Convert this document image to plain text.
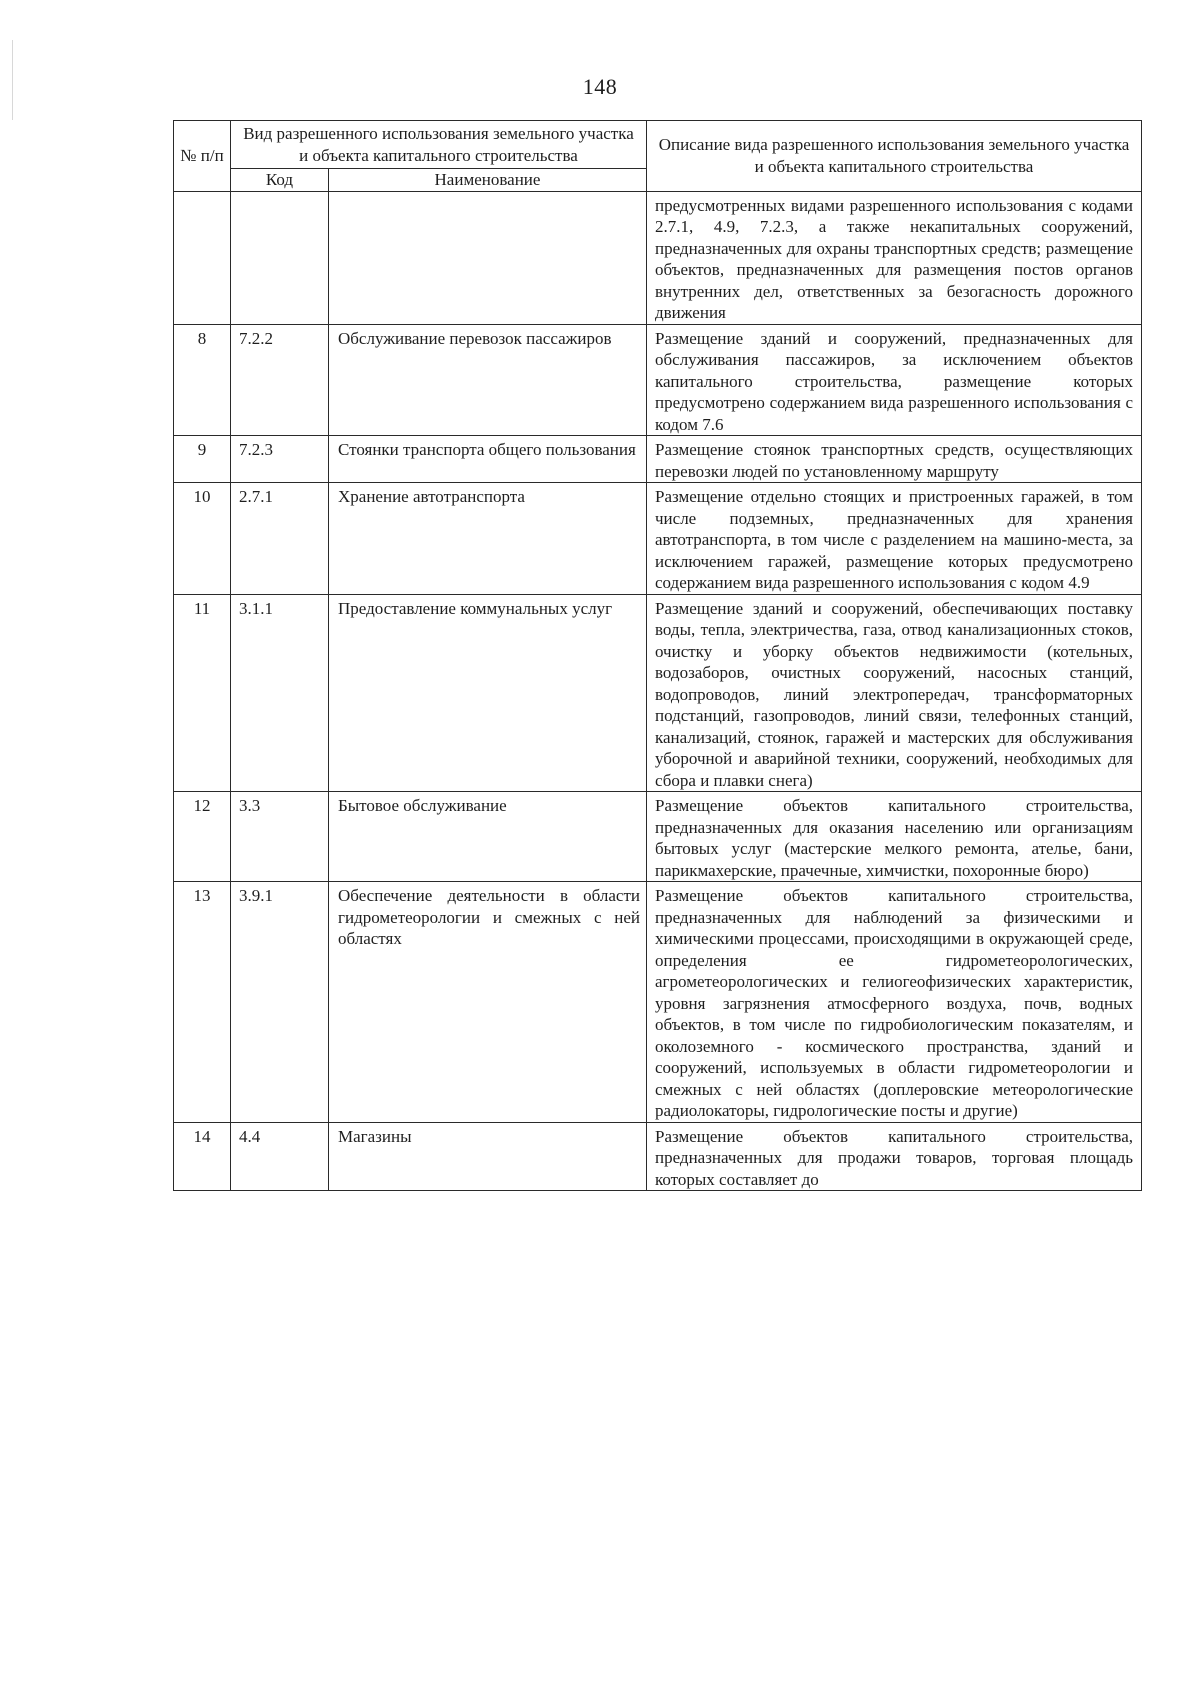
148
№ п/п	Вид разрешенного использования земельного участка и объекта капитального строительства		Описание вида разрешенного использования земельного участка и объекта капитального строительства
	Код	Наименование	
			предусмотренных видами разрешенного использования с кодами 2.7.1, 4.9, 7.2.3, а также некапитальных сооружений, предназначенных для охраны транспортных средств; размещение объектов, предназначенных для размещения постов органов внутренних дел, ответственных за безогасность дорожного движения
8	7.2.2	Обслуживание перевозок пассажиров	Размещение зданий и сооружений, предназначенных для обслуживания пассажиров, за исключением объектов капитального строительства, размещение которых предусмотрено содержанием вида разрешенного использования с кодом 7.6
9	7.2.3	Стоянки транспорта общего пользования	Размещение стоянок транспортных средств, осуществляющих перевозки людей по установленному маршруту
10	2.7.1	Хранение автотранспорта	Размещение отдельно стоящих и пристроенных гаражей, в том числе подземных, предназначенных для хранения автотранспорта, в том числе с разделением на машино-места, за исключением гаражей, размещение которых предусмотрено содержанием вида разрешенного использования с кодом 4.9
11	3.1.1	Предоставление коммунальных услуг	Размещение зданий и сооружений, обеспечивающих поставку воды, тепла, электричества, газа, отвод канализационных стоков, очистку и уборку объектов недвижимости (котельных, водозаборов, очистных сооружений, насосных станций, водопроводов, линий электропередач, трансформаторных подстанций, газопроводов, линий связи, телефонных станций, канализаций, стоянок, гаражей и мастерских для обслуживания уборочной и аварийной техники, сооружений, необходимых для сбора и плавки снега)
12	3.3	Бытовое обслуживание	Размещение объектов капитального строительства, предназначенных для оказания населению или организациям бытовых услуг (мастерские мелкого ремонта, ателье, бани, парикмахерские, прачечные, химчистки, похоронные бюро)
13	3.9.1	Обеспечение деятельности в области гидрометеорологии и смежных с ней областях	Размещение объектов капитального строительства, предназначенных для наблюдений за физическими и химическими процессами, происходящими в окружающей среде, определения ее гидрометеорологических, агрометеорологических и гелиогеофизических характеристик, уровня загрязнения атмосферного воздуха, почв, водных объектов, в том числе по гидробиологическим показателям, и околоземного - космического пространства, зданий и сооружений, используемых в области гидрометеорологии и смежных с ней областях (доплеровские метеорологические радиолокаторы, гидрологические посты и другие)
14	4.4	Магазины	Размещение объектов капитального строительства, предназначенных для продажи товаров, торговая площадь которых составляет до
